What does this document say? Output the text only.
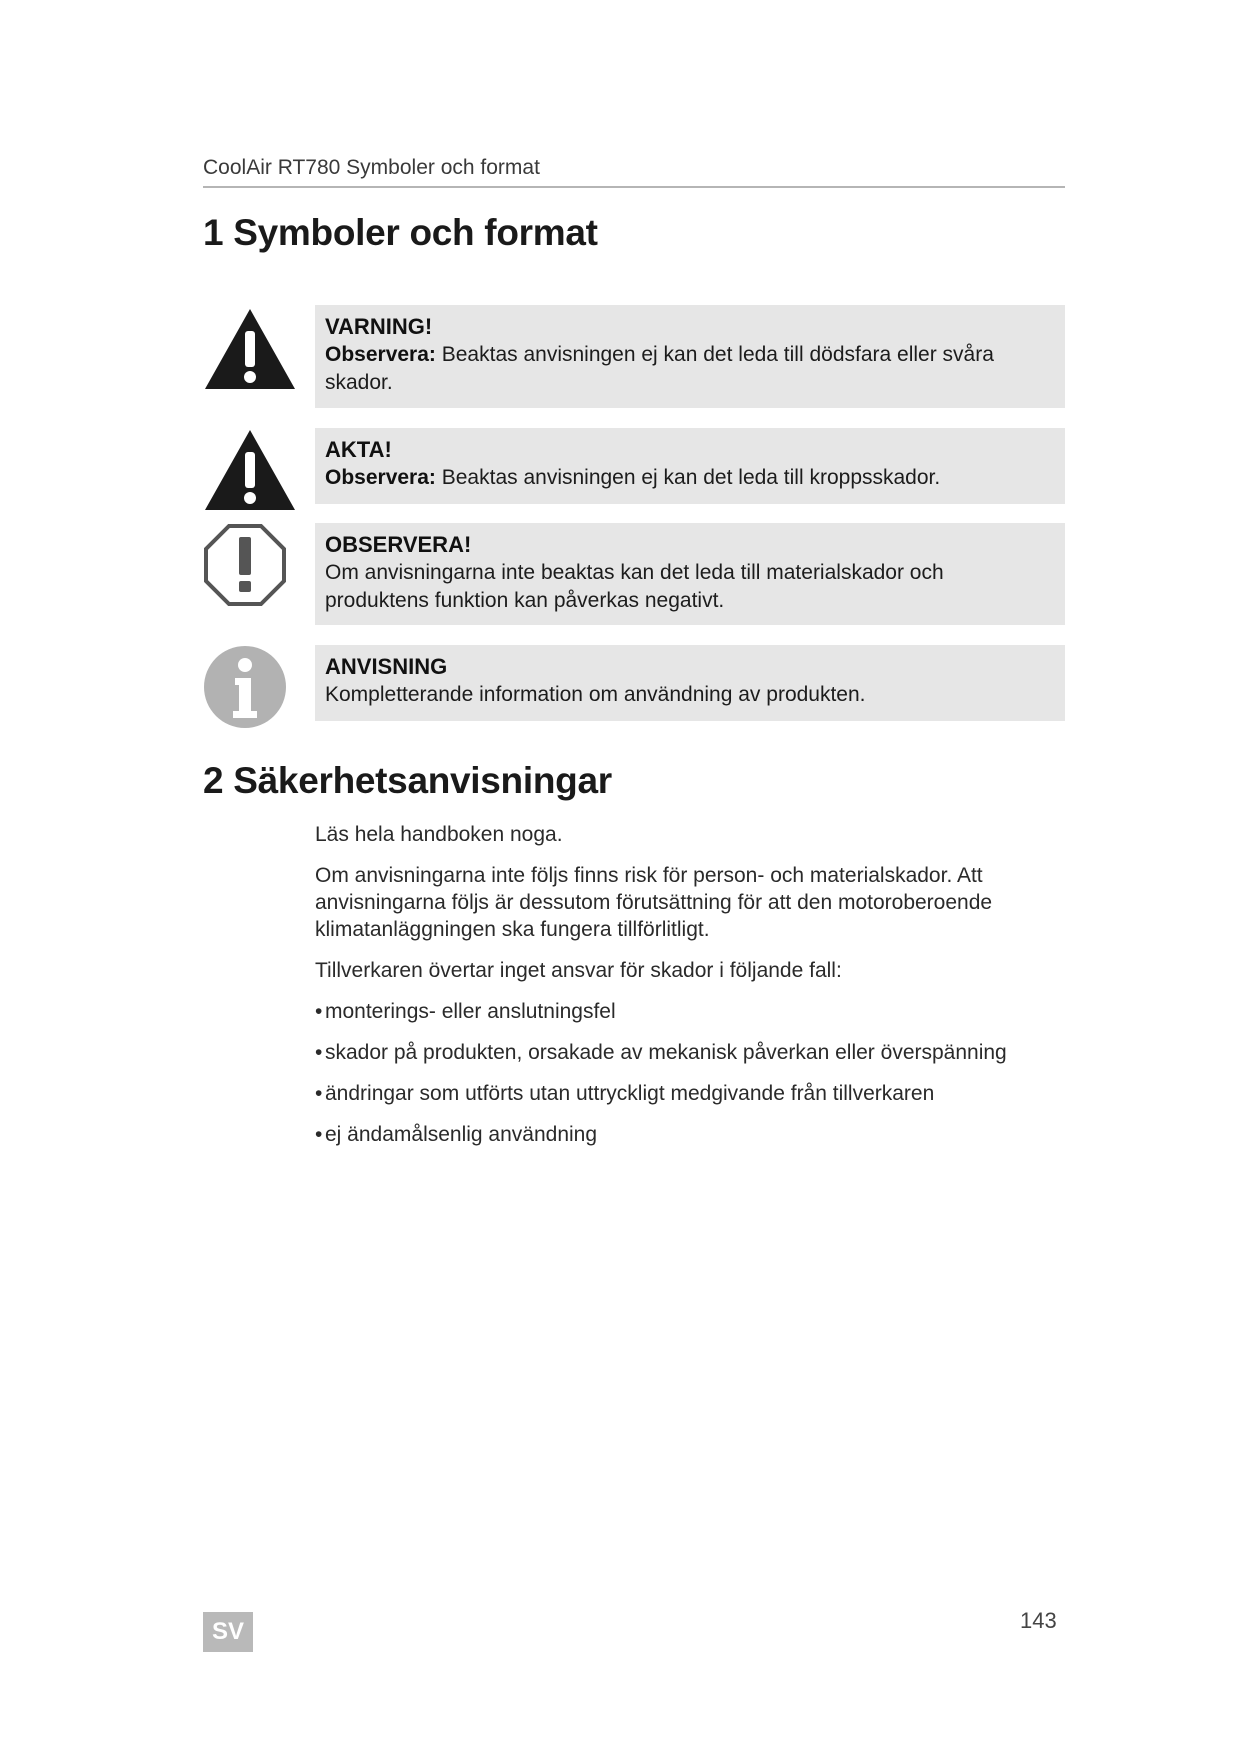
CoolAir RT780 Symboler och format
1 Symboler och format
VARNING!
Observera: Beaktas anvisningen ej kan det leda till dödsfara eller svåra skador.
AKTA!
Observera: Beaktas anvisningen ej kan det leda till kroppsskador.
OBSERVERA!
Om anvisningarna inte beaktas kan det leda till materialskador och produktens funktion kan påverkas negativt.
ANVISNING
Kompletterande information om användning av produkten.
2 Säkerhetsanvisningar

Läs hela handboken noga.

Om anvisningarna inte följs finns risk för person- och materialskador. Att anvisningarna följs är dessutom förutsättning för att den motoroberoende klimatanläggningen ska fungera tillförlitligt.

Tillverkaren övertar inget ansvar för skador i följande fall:

• monterings- eller anslutningsfel
• skador på produkten, orsakade av mekanisk påverkan eller överspänning
• ändringar som utförts utan uttryckligt medgivande från tillverkaren
• ej ändamålsenlig användning
SV	143
